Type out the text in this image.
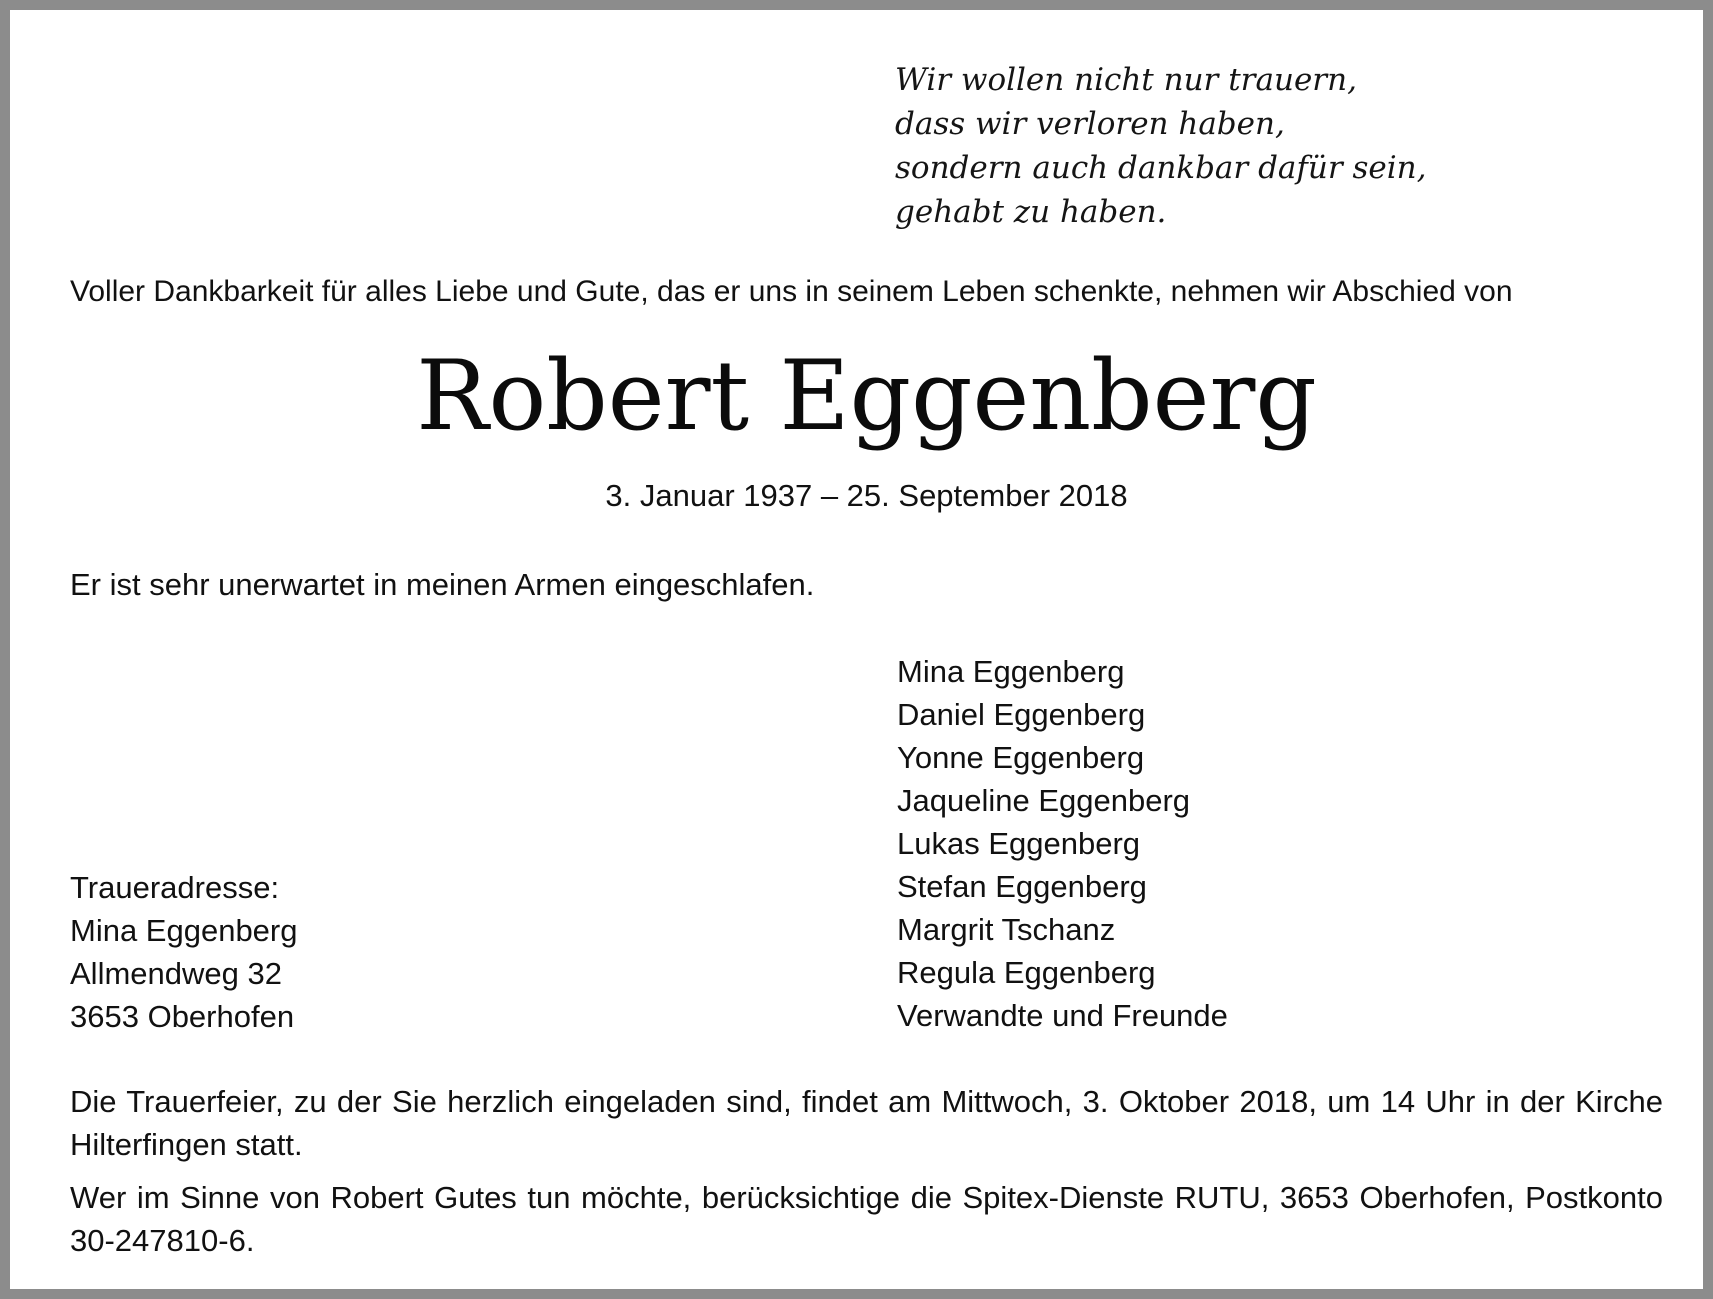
Wir wollen nicht nur trauern,
dass wir verloren haben,
sondern auch dankbar dafür sein,
gehabt zu haben.
Voller Dankbarkeit für alles Liebe und Gute, das er uns in seinem Leben schenkte, nehmen wir Abschied von
Robert Eggenberg
3. Januar 1937 – 25. September 2018
Er ist sehr unerwartet in meinen Armen eingeschlafen.
Mina Eggenberg
Daniel Eggenberg
Yonne Eggenberg
Jaqueline Eggenberg
Lukas Eggenberg
Stefan Eggenberg
Margrit Tschanz
Regula Eggenberg
Verwandte und Freunde
Traueradresse:
Mina Eggenberg
Allmendweg 32
3653 Oberhofen
Die Trauerfeier, zu der Sie herzlich eingeladen sind, findet am Mittwoch, 3. Oktober 2018, um 14 Uhr in der Kirche Hilterfingen statt.
Wer im Sinne von Robert Gutes tun möchte, berücksichtige die Spitex-Dienste RUTU, 3653 Oberhofen, Postkonto 30-247810-6.
